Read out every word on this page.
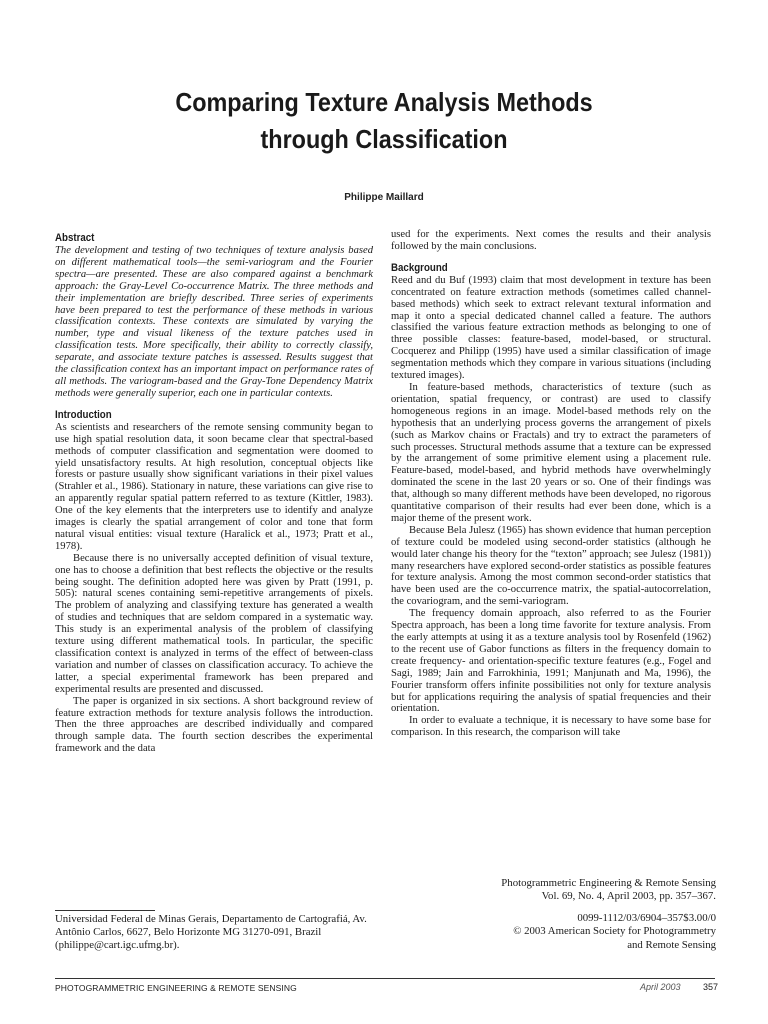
Comparing Texture Analysis Methods
through Classification
Philippe Maillard
Abstract

The development and testing of two techniques of texture analysis based on different mathematical tools—the semi-variogram and the Fourier spectra—are presented. These are also compared against a benchmark approach: the Gray-Level Co-occurrence Matrix. The three methods and their implementation are briefly described. Three series of experiments have been prepared to test the performance of these methods in various classification contexts. These contexts are simulated by varying the number, type and visual likeness of the texture patches used in classification tests. More specifically, their ability to correctly classify, separate, and associate texture patches is assessed. Results suggest that the classification context has an important impact on performance rates of all methods. The variogram-based and the Gray-Tone Dependency Matrix methods were generally superior, each one in particular contexts.

Introduction

As scientists and researchers of the remote sensing community began to use high spatial resolution data, it soon became clear that spectral-based methods of computer classification and segmentation were doomed to yield unsatisfactory results. At high resolution, conceptual objects like forests or pasture usually show significant variations in their pixel values (Strahler et al., 1986). Stationary in nature, these variations can give rise to an apparently regular spatial pattern referred to as texture (Kittler, 1983). One of the key elements that the interpreters use to identify and analyze images is clearly the spatial arrangement of color and tone that form natural visual entities: visual texture (Haralick et al., 1973; Pratt et al., 1978).

Because there is no universally accepted definition of visual texture, one has to choose a definition that best reflects the objective or the results being sought. The definition adopted here was given by Pratt (1991, p. 505): natural scenes containing semi-repetitive arrangements of pixels. The problem of analyzing and classifying texture has generated a wealth of studies and techniques that are seldom compared in a systematic way. This study is an experimental analysis of the problem of classifying texture using different mathematical tools. In particular, the specific classification context is analyzed in terms of the effect of between-class variation and number of classes on classification accuracy. To achieve the latter, a special experimental framework has been prepared and experimental results are presented and discussed.

The paper is organized in six sections. A short background review of feature extraction methods for texture analysis follows the introduction. Then the three approaches are described individually and compared through sample data. The fourth section describes the experimental framework and the data

used for the experiments. Next comes the results and their analysis followed by the main conclusions.

Background

Reed and du Buf (1993) claim that most development in texture has been concentrated on feature extraction methods (sometimes called channel-based methods) which seek to extract relevant textural information and map it onto a special dedicated channel called a feature. The authors classified the various feature extraction methods as belonging to one of three possible classes: feature-based, model-based, or structural. Cocquerez and Philipp (1995) have used a similar classification of image segmentation methods which they compare in various situations (including textured images).

In feature-based methods, characteristics of texture (such as orientation, spatial frequency, or contrast) are used to classify homogeneous regions in an image. Model-based methods rely on the hypothesis that an underlying process governs the arrangement of pixels (such as Markov chains or Fractals) and try to extract the parameters of such processes. Structural methods assume that a texture can be expressed by the arrangement of some primitive element using a placement rule. Feature-based, model-based, and hybrid methods have overwhelmingly dominated the scene in the last 20 years or so. One of their findings was that, although so many different methods have been developed, no rigorous quantitative comparison of their results had ever been done, which is a major theme of the present work.

Because Bela Julesz (1965) has shown evidence that human perception of texture could be modeled using second-order statistics (although he would later change his theory for the “texton” approach; see Julesz (1981)) many researchers have explored second-order statistics as possible features for texture analysis. Among the most common second-order statistics that have been used are the co-occurrence matrix, the spatial-autocorrelation, the covariogram, and the semi-variogram.

The frequency domain approach, also referred to as the Fourier Spectra approach, has been a long time favorite for texture analysis. From the early attempts at using it as a texture analysis tool by Rosenfeld (1962) to the recent use of Gabor functions as filters in the frequency domain to create frequency- and orientation-specific texture features (e.g., Fogel and Sagi, 1989; Jain and Farrokhinia, 1991; Manjunath and Ma, 1996), the Fourier transform offers infinite possibilities not only for texture analysis but for applications requiring the analysis of spatial frequencies and their orientation.

In order to evaluate a technique, it is necessary to have some base for comparison. In this research, the comparison will take

Photogrammetric Engineering & Remote Sensing
Vol. 69, No. 4, April 2003, pp. 357–367.
0099-1112/03/6904–357$3.00/0
© 2003 American Society for Photogrammetry
and Remote Sensing
Universidad Federal de Minas Gerais, Departamento de Cartografiá, Av. Antônio Carlos, 6627, Belo Horizonte MG 31270-091, Brazil (philippe@cart.igc.ufmg.br).
PHOTOGRAMMETRIC ENGINEERING & REMOTE SENSING	April 2003 357
